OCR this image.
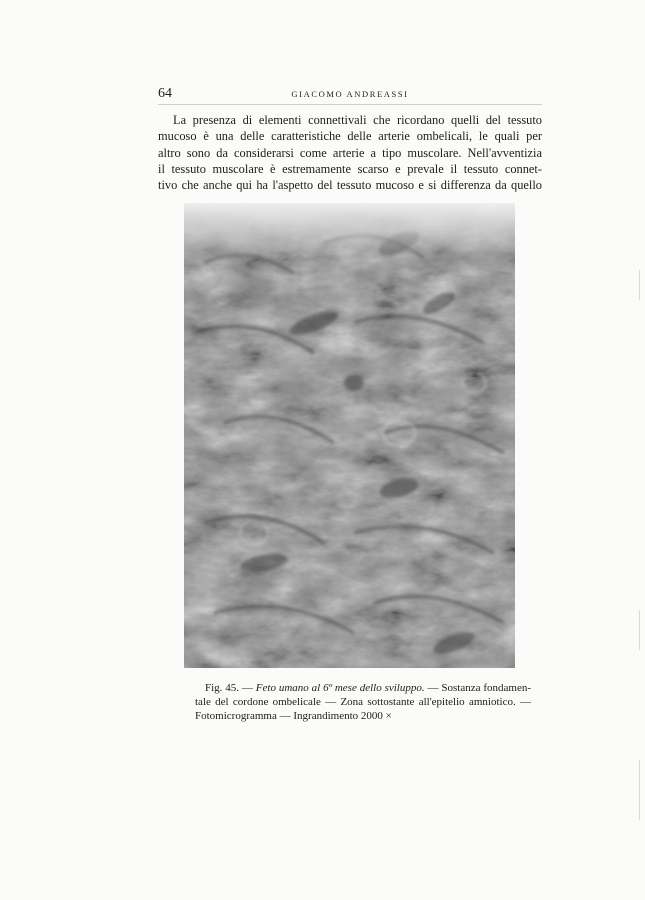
64	GIACOMO ANDREASSI
La presenza di elementi connettivali che ricordano quelli del tessuto
mucoso è una delle caratteristiche delle arterie ombelicali, le quali per
altro sono da considerarsi come arterie a tipo muscolare. Nell'avventizia
il tessuto muscolare è estremamente scarso e prevale il tessuto connet-
tivo che anche qui ha l'aspetto del tessuto mucoso e si differenza da quello
Fig. 45. — Feto umano al 6º mese dello sviluppo. — Sostanza fondamen-
tale del cordone ombelicale — Zona sottostante all'epitelio amniotico. —
Fotomicrogramma — Ingrandimento 2000 ×
